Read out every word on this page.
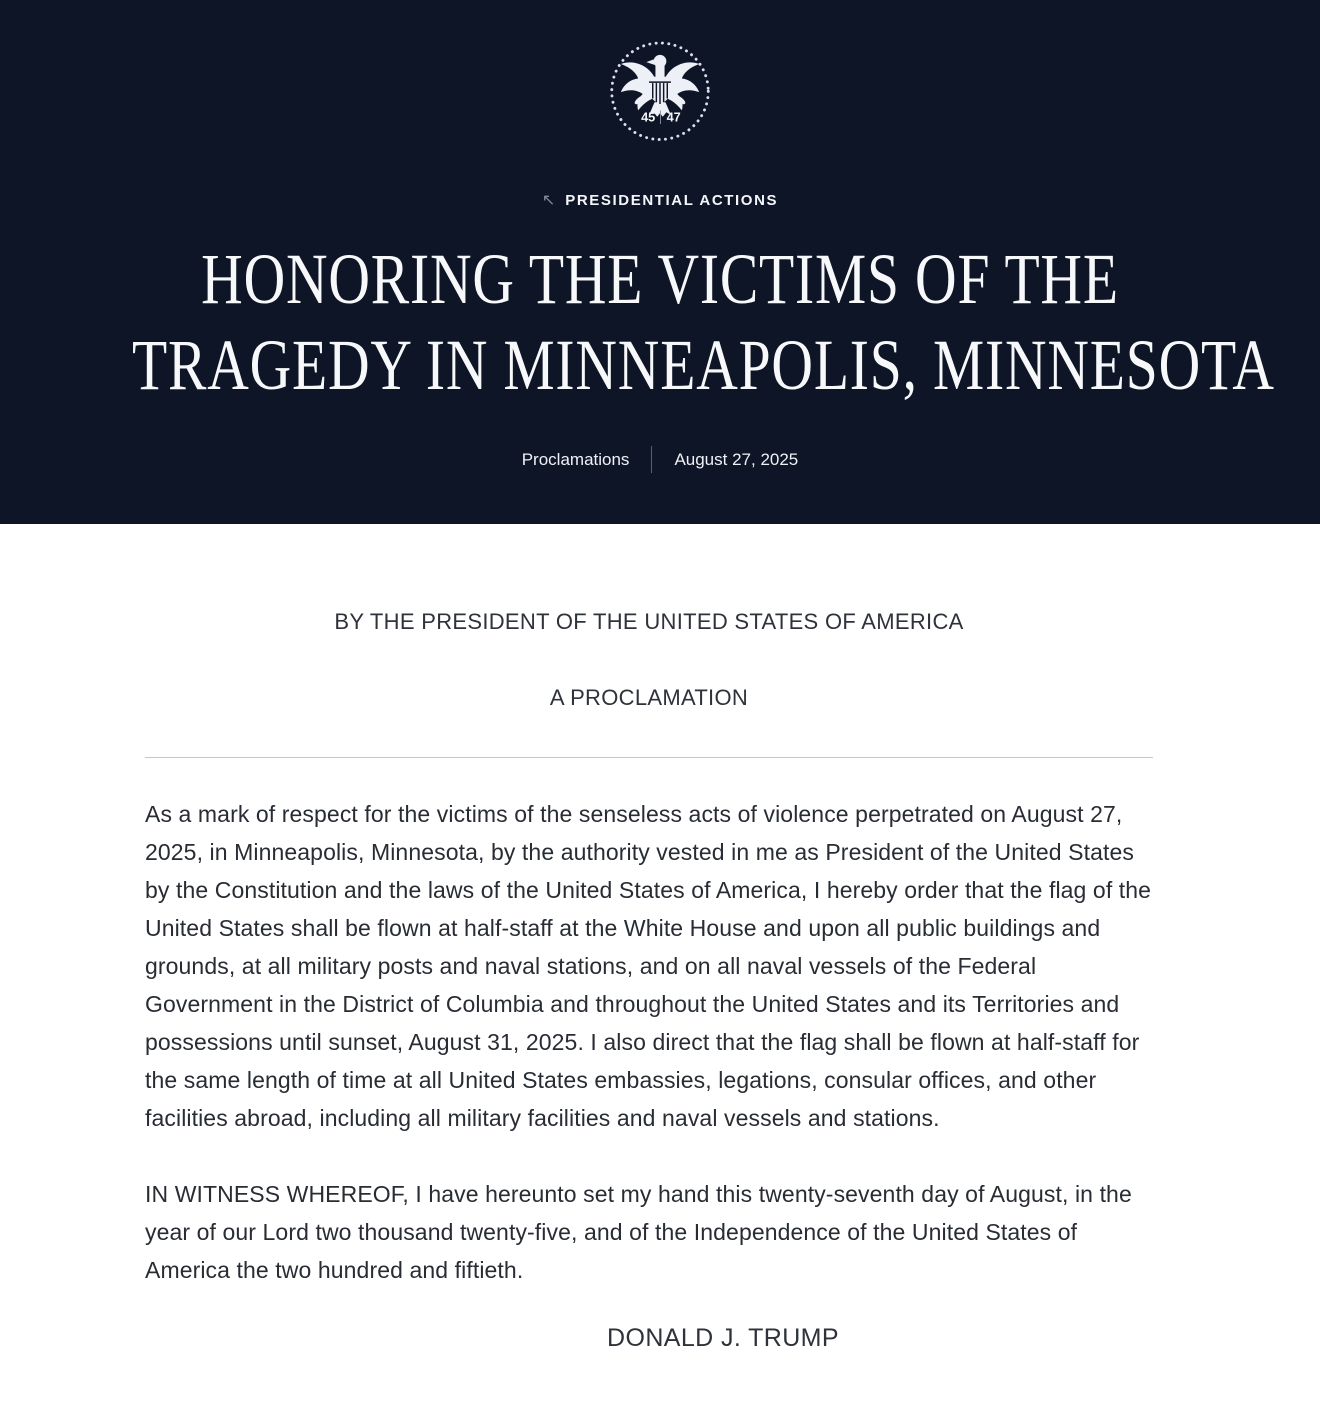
45 47
↖ PRESIDENTIAL ACTIONS
HONORING THE VICTIMS OF THE
TRAGEDY IN MINNEAPOLIS, MINNESOTA
Proclamations	August 27, 2025

BY THE PRESIDENT OF THE UNITED STATES OF AMERICA

A PROCLAMATION

As a mark of respect for the victims of the senseless acts of violence perpetrated on August 27, 2025, in Minneapolis, Minnesota, by the authority vested in me as President of the United States by the Constitution and the laws of the United States of America, I hereby order that the flag of the United States shall be flown at half-staff at the White House and upon all public buildings and grounds, at all military posts and naval stations, and on all naval vessels of the Federal Government in the District of Columbia and throughout the United States and its Territories and possessions until sunset, August 31, 2025. I also direct that the flag shall be flown at half-staff for the same length of time at all United States embassies, legations, consular offices, and other facilities abroad, including all military facilities and naval vessels and stations.

IN WITNESS WHEREOF, I have hereunto set my hand this twenty-seventh day of August, in the year of our Lord two thousand twenty-five, and of the Independence of the United States of America the two hundred and fiftieth.

DONALD J. TRUMP
